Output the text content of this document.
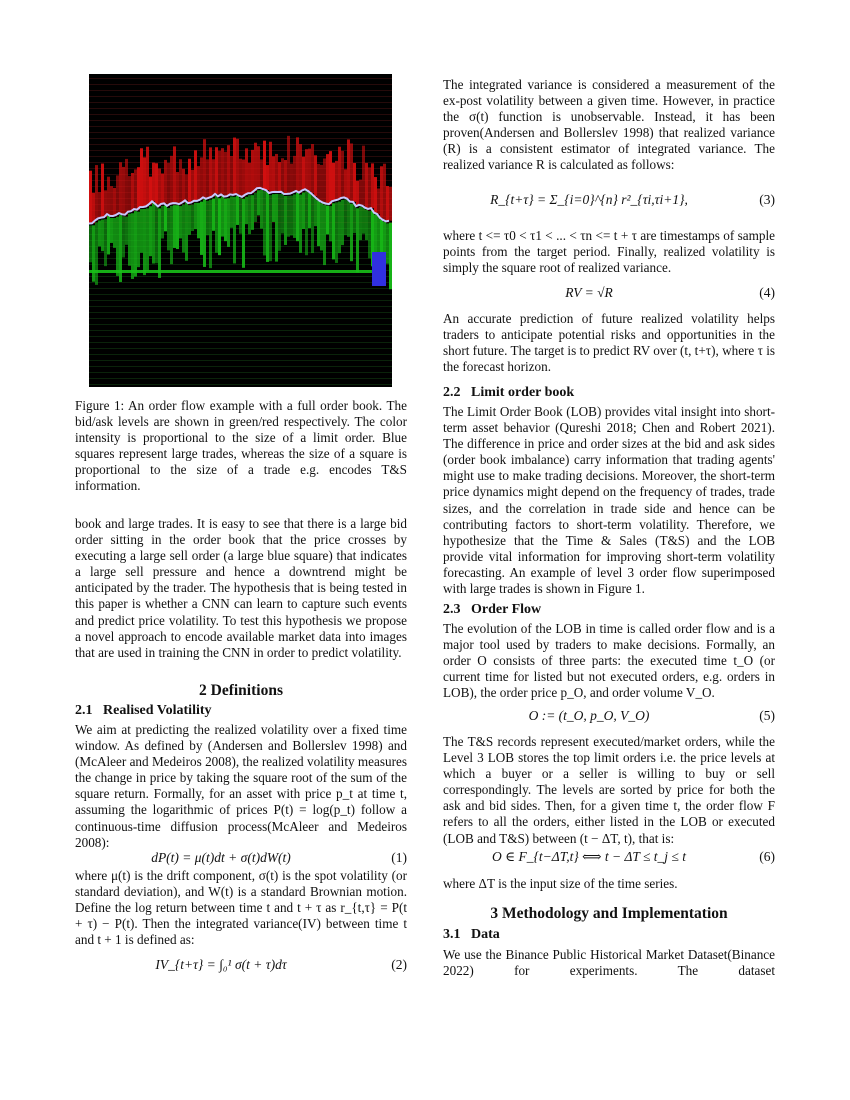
Figure 1: An order flow example with a full order book. The bid/ask levels are shown in green/red respectively. The color intensity is proportional to the size of a limit order. Blue squares represent large trades, whereas the size of a square is proportional to the size of a trade e.g. encodes T&S information.

book and large trades. It is easy to see that there is a large bid order sitting in the order book that the price crosses by executing a large sell order (a large blue square) that indicates a large sell pressure and hence a downtrend might be anticipated by the trader. The hypothesis that is being tested in this paper is whether a CNN can learn to capture such events and predict price volatility. To test this hypothesis we propose a novel approach to encode available market data into images that are used in training the CNN in order to predict volatility.

2 Definitions
2.1 Realised Volatility

We aim at predicting the realized volatility over a fixed time window. As defined by (Andersen and Bollerslev 1998) and (McAleer and Medeiros 2008), the realized volatility measures the change in price by taking the square root of the sum of the square return. Formally, for an asset with price p_t at time t, assuming the logarithmic of prices P(t) = log(p_t) follow a continuous-time diffusion process(McAleer and Medeiros 2008):

dP(t) = μ(t)dt + σ(t)dW(t)	(1)

where μ(t) is the drift component, σ(t) is the spot volatility (or standard deviation), and W(t) is a standard Brownian motion. Define the log return between time t and t + τ as r_{t,τ} = P(t + τ) − P(t). Then the integrated variance(IV) between time t and t + 1 is defined as:

IV_{t+τ} = ∫₀¹ σ(t + τ)dτ	(2)

The integrated variance is considered a measurement of the ex-post volatility between a given time. However, in practice the σ(t) function is unobservable. Instead, it has been proven(Andersen and Bollerslev 1998) that realized variance (R) is a consistent estimator of integrated variance. The realized variance R is calculated as follows:

R_{t+τ} = Σ_{i=0}^{n} r²_{τi,τi+1},	(3)

where t <= τ0 < τ1 < ... < τn <= t + τ are timestamps of sample points from the target period. Finally, realized volatility is simply the square root of realized variance.

RV = √R	(4)

An accurate prediction of future realized volatility helps traders to anticipate potential risks and opportunities in the short future. The target is to predict RV over (t, t+τ), where τ is the forecast horizon.

2.2 Limit order book

The Limit Order Book (LOB) provides vital insight into short-term asset behavior (Qureshi 2018; Chen and Robert 2021). The difference in price and order sizes at the bid and ask sides (order book imbalance) carry information that trading agents' might use to make trading decisions. Moreover, the short-term price dynamics might depend on the frequency of trades, trade sizes, and the correlation in trade side and hence can be contributing factors to short-term volatility. Therefore, we hypothesize that the Time & Sales (T&S) and the LOB provide vital information for improving short-term volatility forecasting. An example of level 3 order flow superimposed with large trades is shown in Figure 1.

2.3 Order Flow

The evolution of the LOB in time is called order flow and is a major tool used by traders to make decisions. Formally, an order O consists of three parts: the executed time t_O (or current time for listed but not executed orders, e.g. orders in LOB), the order price p_O, and order volume V_O.

O := (t_O, p_O, V_O)	(5)

The T&S records represent executed/market orders, while the Level 3 LOB stores the top limit orders i.e. the price levels at which a buyer or a seller is willing to buy or sell correspondingly. The levels are sorted by price for both the ask and bid sides. Then, for a given time t, the order flow F refers to all the orders, either listed in the LOB or executed (LOB and T&S) between (t − ΔT, t), that is:

O ∈ F_{t−ΔT,t} ⟺ t − ΔT ≤ t_j ≤ t	(6)

where ΔT is the input size of the time series.

3 Methodology and Implementation
3.1 Data

We use the Binance Public Historical Market Dataset(Binance 2022) for experiments. The dataset
